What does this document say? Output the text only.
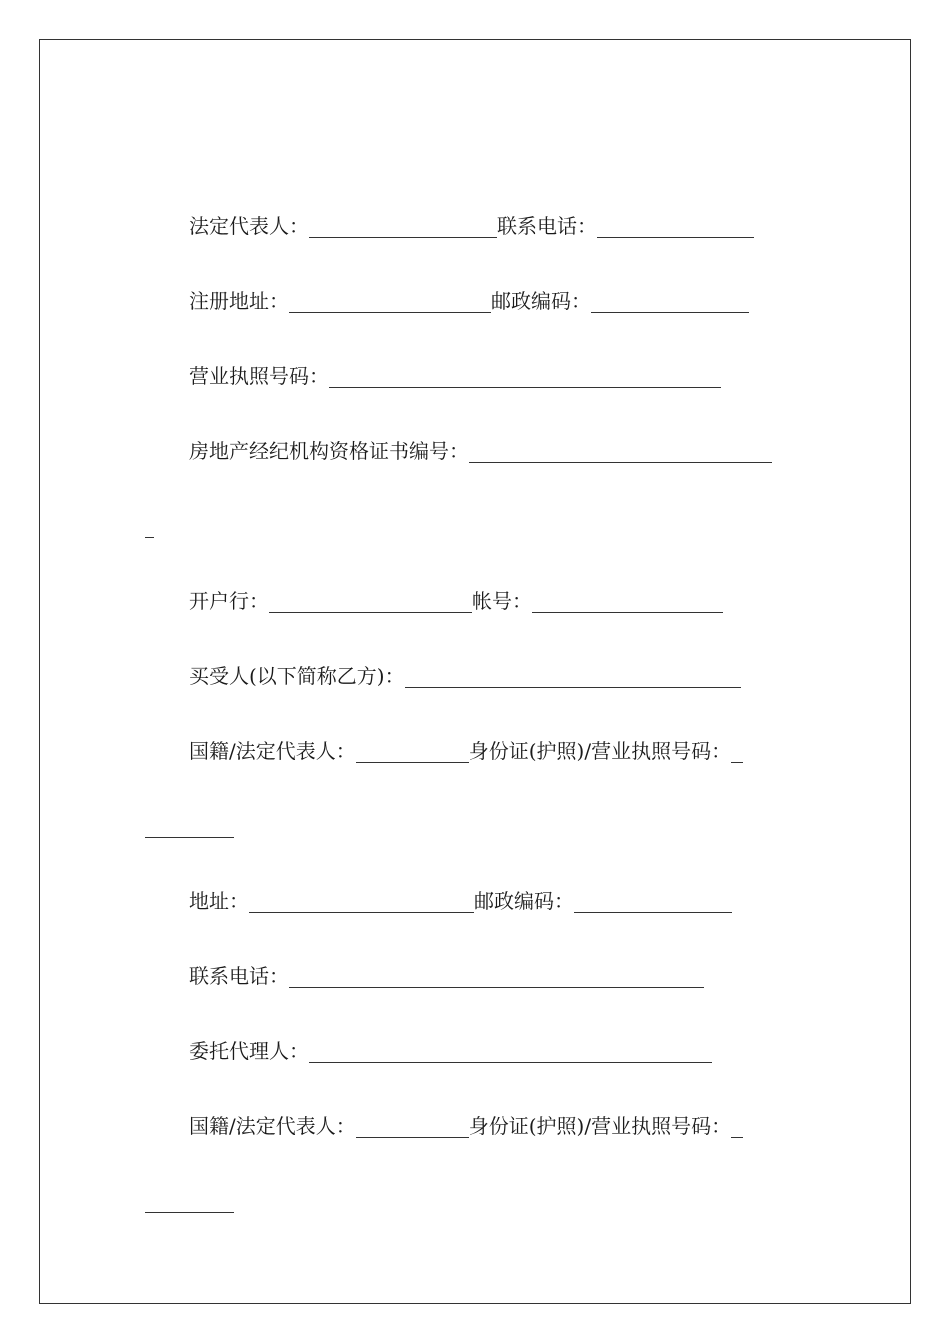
法定代表人：	联系电话：
注册地址：	邮政编码：
营业执照号码：
房地产经纪机构资格证书编号：
开户行：	帐号：
买受人(以下简称乙方)：
国籍/法定代表人：	身份证(护照)/营业执照号码：
地址：	邮政编码：
联系电话：
委托代理人：
国籍/法定代表人：	身份证(护照)/营业执照号码：
